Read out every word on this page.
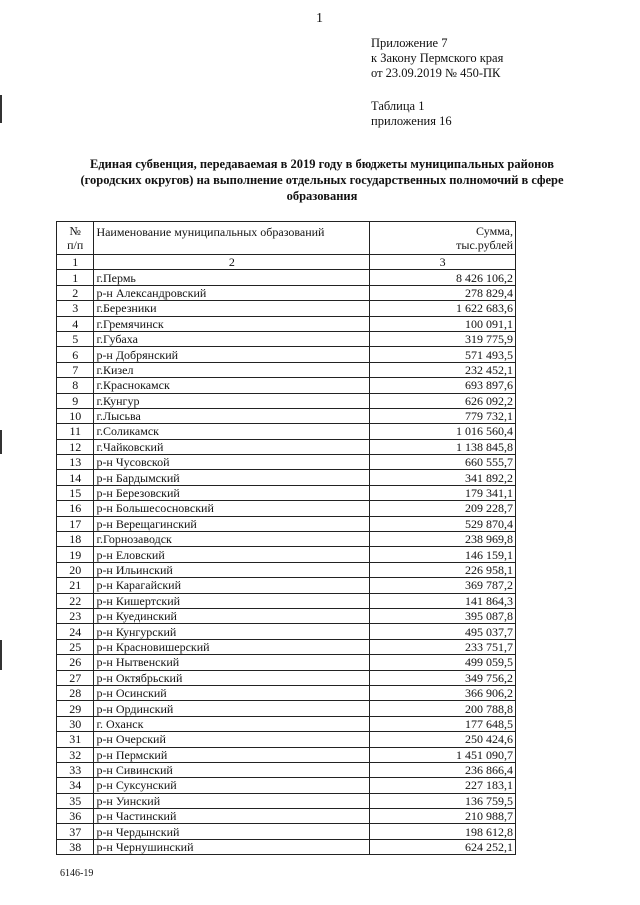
1
Приложение 7
к Закону Пермского края
от 23.09.2019 № 450-ПК
Таблица 1
приложения 16
Единая субвенция, передаваемая в 2019 году в бюджеты муниципальных районов
(городских округов) на выполнение отдельных государственных полномочий в сфере
образования
№
п/п	Наименование муниципальных образований	Сумма,
тыс.рублей
1	2	3
1	г.Пермь	8 426 106,2
2	р-н Александровский	278 829,4
3	г.Березники	1 622 683,6
4	г.Гремячинск	100 091,1
5	г.Губаха	319 775,9
6	р-н Добрянский	571 493,5
7	г.Кизел	232 452,1
8	г.Краснокамск	693 897,6
9	г.Кунгур	626 092,2
10	г.Лысьва	779 732,1
11	г.Соликамск	1 016 560,4
12	г.Чайковский	1 138 845,8
13	р-н Чусовской	660 555,7
14	р-н Бардымский	341 892,2
15	р-н Березовский	179 341,1
16	р-н Большесосновский	209 228,7
17	р-н Верещагинский	529 870,4
18	г.Горнозаводск	238 969,8
19	р-н Еловский	146 159,1
20	р-н Ильинский	226 958,1
21	р-н Карагайский	369 787,2
22	р-н Кишертский	141 864,3
23	р-н Куединский	395 087,8
24	р-н Кунгурский	495 037,7
25	р-н Красновишерский	233 751,7
26	р-н Нытвенский	499 059,5
27	р-н Октябрьский	349 756,2
28	р-н Осинский	366 906,2
29	р-н Ординский	200 788,8
30	г. Оханск	177 648,5
31	р-н Очерский	250 424,6
32	р-н Пермский	1 451 090,7
33	р-н Сивинский	236 866,4
34	р-н Суксунский	227 183,1
35	р-н Уинский	136 759,5
36	р-н Частинский	210 988,7
37	р-н Чердынский	198 612,8
38	р-н Чернушинский	624 252,1
6146-19
